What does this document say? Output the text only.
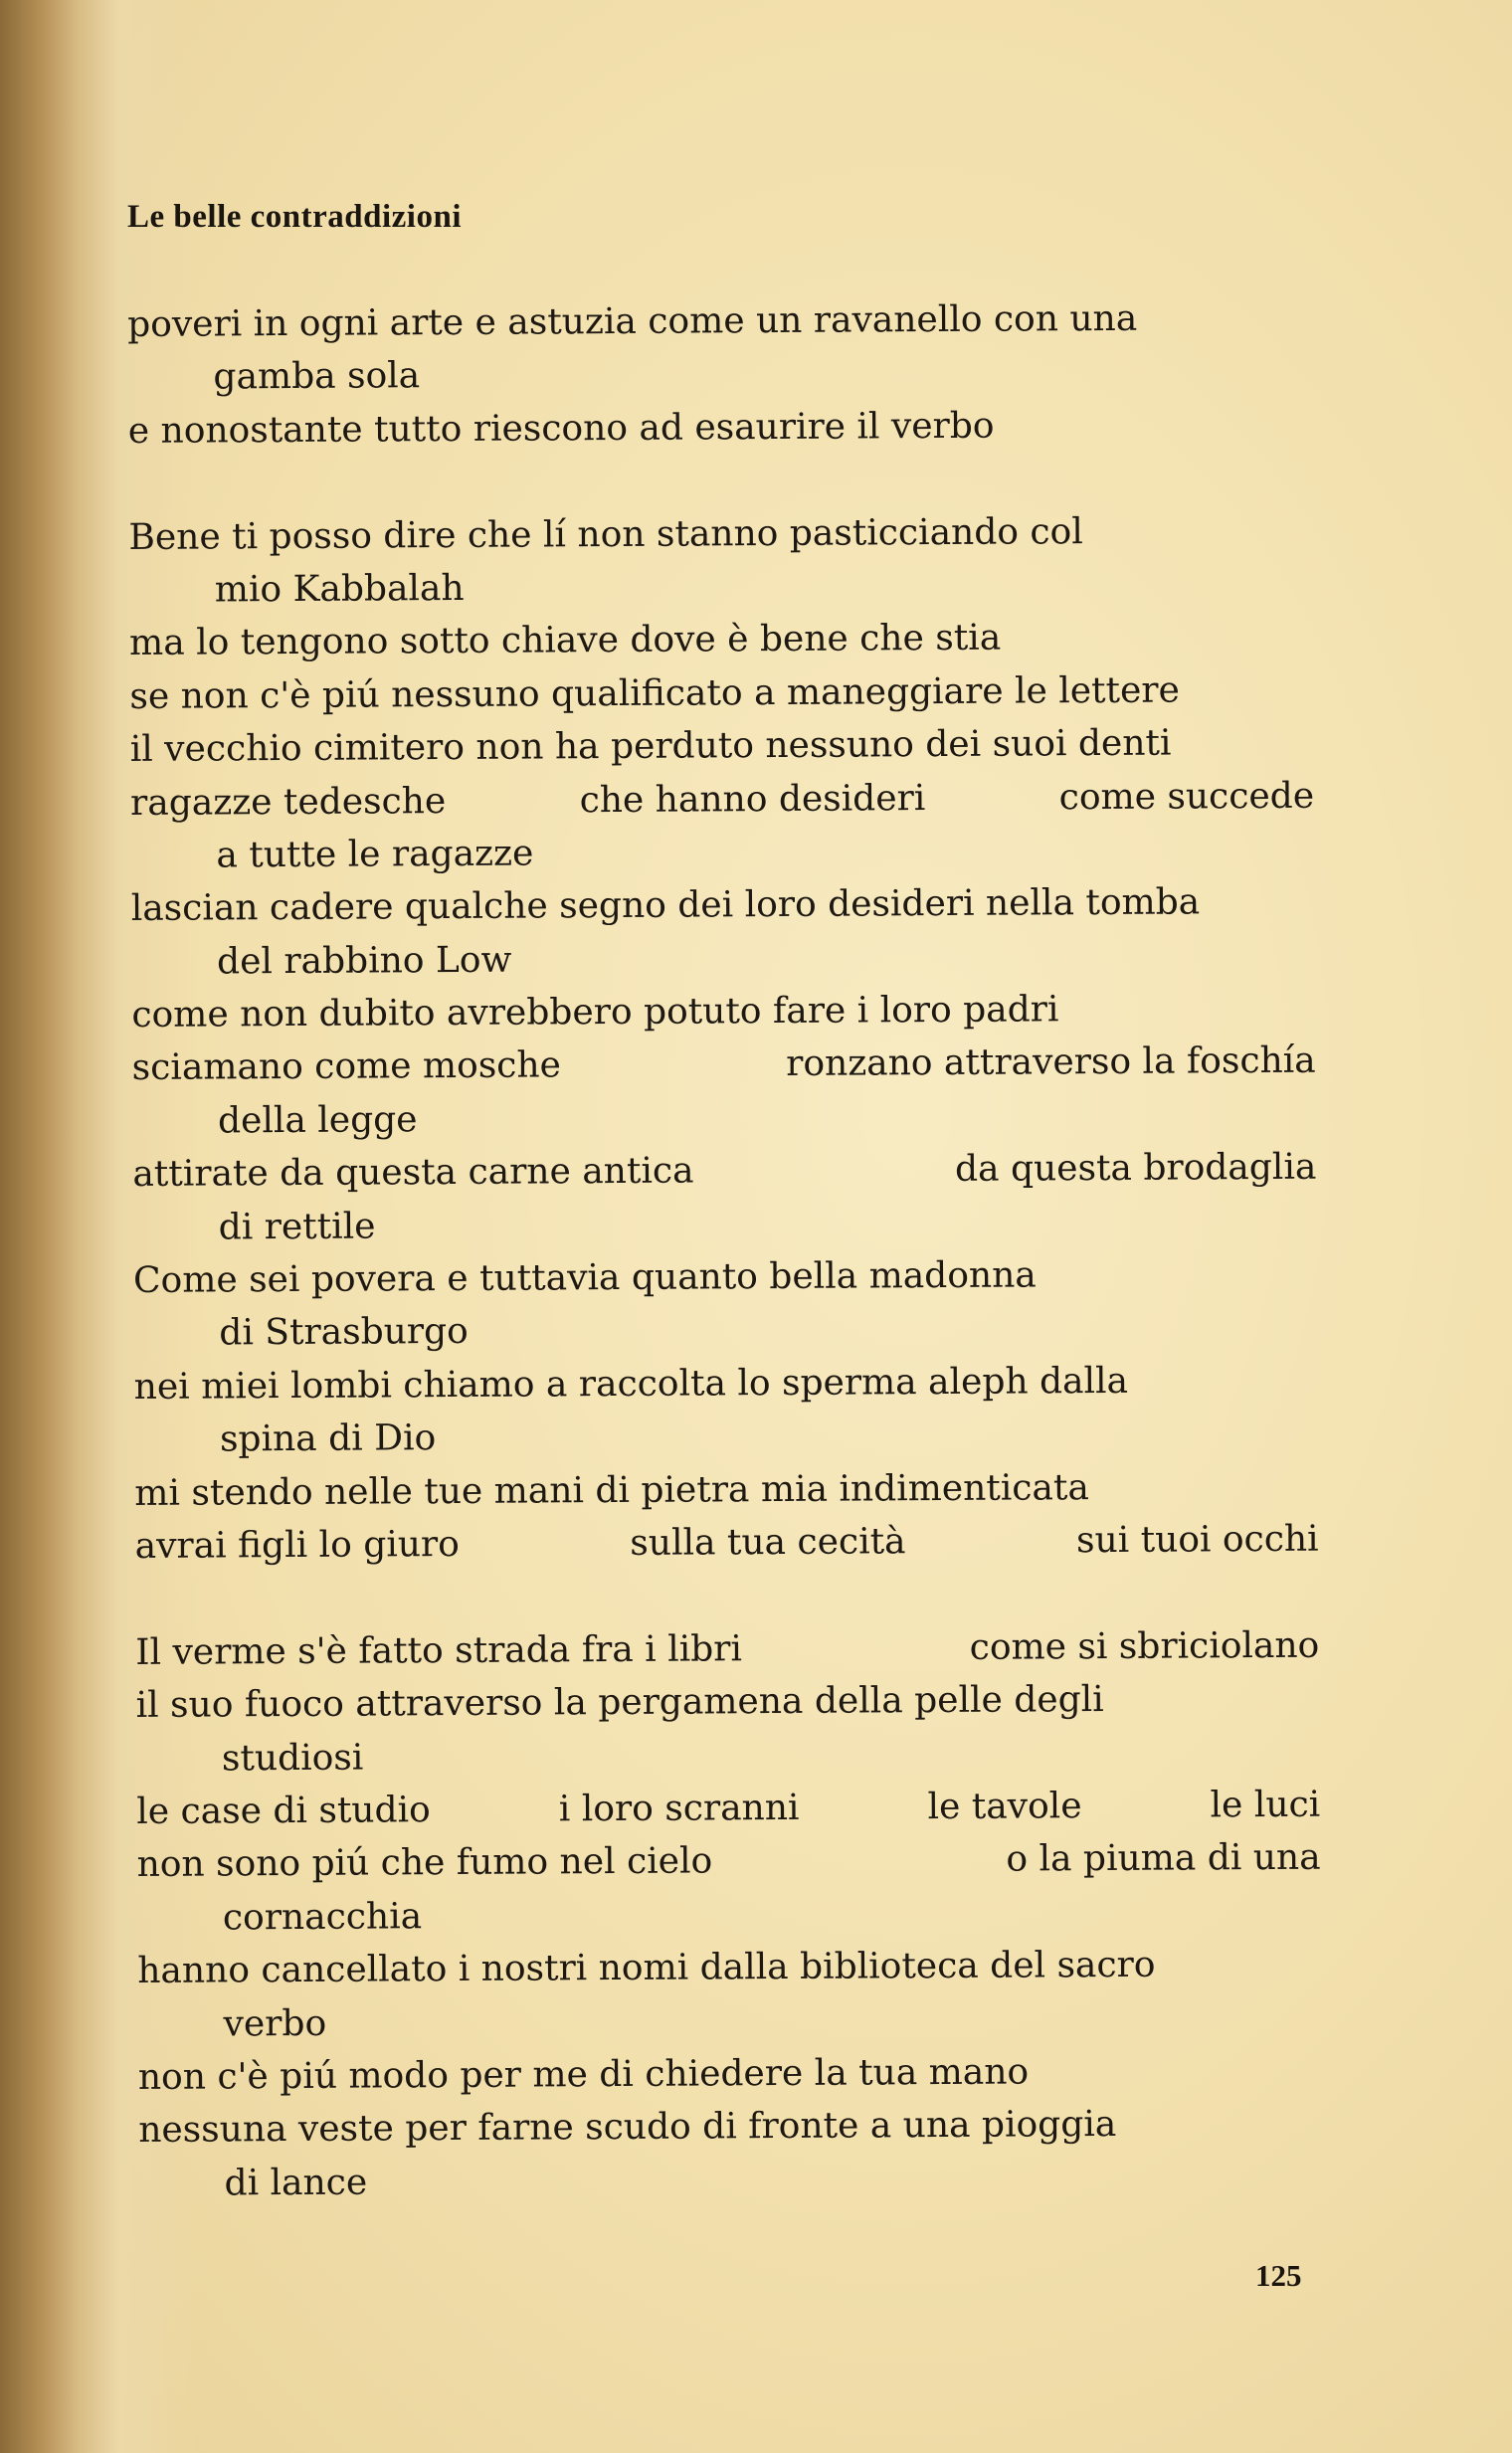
Le belle contraddizioni
poveri in ogni arte e astuzia come un ravanello con una
gamba sola
e nonostante tutto riescono ad esaurire il verbo
Bene ti posso dire che lí non stanno pasticciando col
mio Kabbalah
ma lo tengono sotto chiave dove è bene che stia
se non c'è piú nessuno qualificato a maneggiare le lettere
il vecchio cimitero non ha perduto nessuno dei suoi denti
ragazze tedesche	che hanno desideri	come succede
a tutte le ragazze
lascian cadere qualche segno dei loro desideri nella tomba
del rabbino Low
come non dubito avrebbero potuto fare i loro padri
sciamano come mosche	ronzano attraverso la foschía
della legge
attirate da questa carne antica	da questa brodaglia
di rettile
Come sei povera e tuttavia quanto bella madonna
di Strasburgo
nei miei lombi chiamo a raccolta lo sperma aleph dalla
spina di Dio
mi stendo nelle tue mani di pietra mia indimenticata
avrai figli lo giuro	sulla tua cecità	sui tuoi occhi
Il verme s'è fatto strada fra i libri	come si sbriciolano
il suo fuoco attraverso la pergamena della pelle degli
studiosi
le case di studio	i loro scranni	le tavole	le luci
non sono piú che fumo nel cielo	o la piuma di una
cornacchia
hanno cancellato i nostri nomi dalla biblioteca del sacro
verbo
non c'è piú modo per me di chiedere la tua mano
nessuna veste per farne scudo di fronte a una pioggia
di lance
125
